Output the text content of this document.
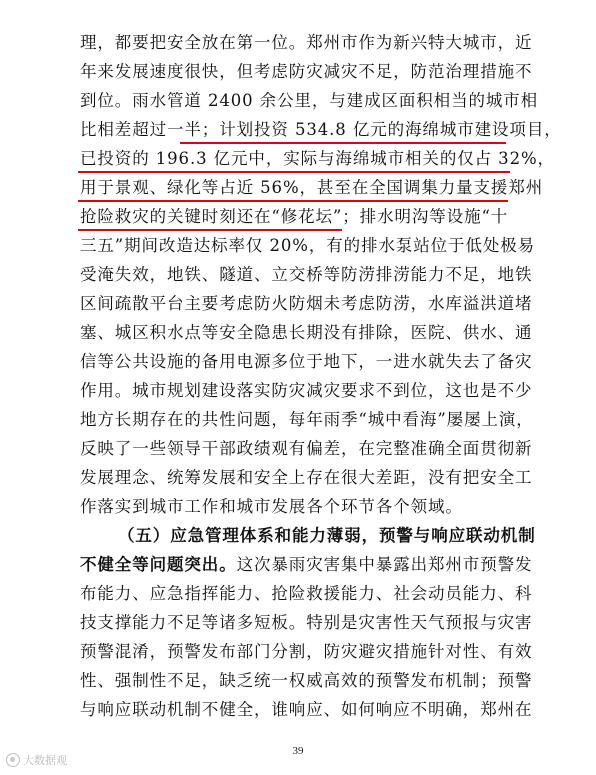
理，都要把安全放在第一位。郑州市作为新兴特大城市，近
年来发展速度很快，但考虑防灾减灾不足，防范治理措施不
到位。雨水管道 2400 余公里，与建成区面积相当的城市相
比相差超过一半；计划投资 534.8 亿元的海绵城市建设项目，
已投资的 196.3 亿元中，实际与海绵城市相关的仅占 32%，
用于景观、绿化等占近 56%，甚至在全国调集力量支援郑州
抢险救灾的关键时刻还在“修花坛”；排水明沟等设施“十
三五”期间改造达标率仅 20%，有的排水泵站位于低处极易
受淹失效，地铁、隧道、立交桥等防涝排涝能力不足，地铁
区间疏散平台主要考虑防火防烟未考虑防涝，水库溢洪道堵
塞、城区积水点等安全隐患长期没有排除，医院、供水、通
信等公共设施的备用电源多位于地下，一进水就失去了备灾
作用。城市规划建设落实防灾减灾要求不到位，这也是不少
地方长期存在的共性问题，每年雨季“城中看海”屡屡上演，
反映了一些领导干部政绩观有偏差，在完整准确全面贯彻新
发展理念、统筹发展和安全上存在很大差距，没有把安全工
作落实到城市工作和城市发展各个环节各个领域。
（五）应急管理体系和能力薄弱，预警与响应联动机制
不健全等问题突出。这次暴雨灾害集中暴露出郑州市预警发
布能力、应急指挥能力、抢险救援能力、社会动员能力、科
技支撑能力不足等诸多短板。特别是灾害性天气预报与灾害
预警混淆，预警发布部门分割，防灾避灾措施针对性、有效
性、强制性不足，缺乏统一权威高效的预警发布机制；预警
与响应联动机制不健全，谁响应、如何响应不明确，郑州在
39
大数据观
